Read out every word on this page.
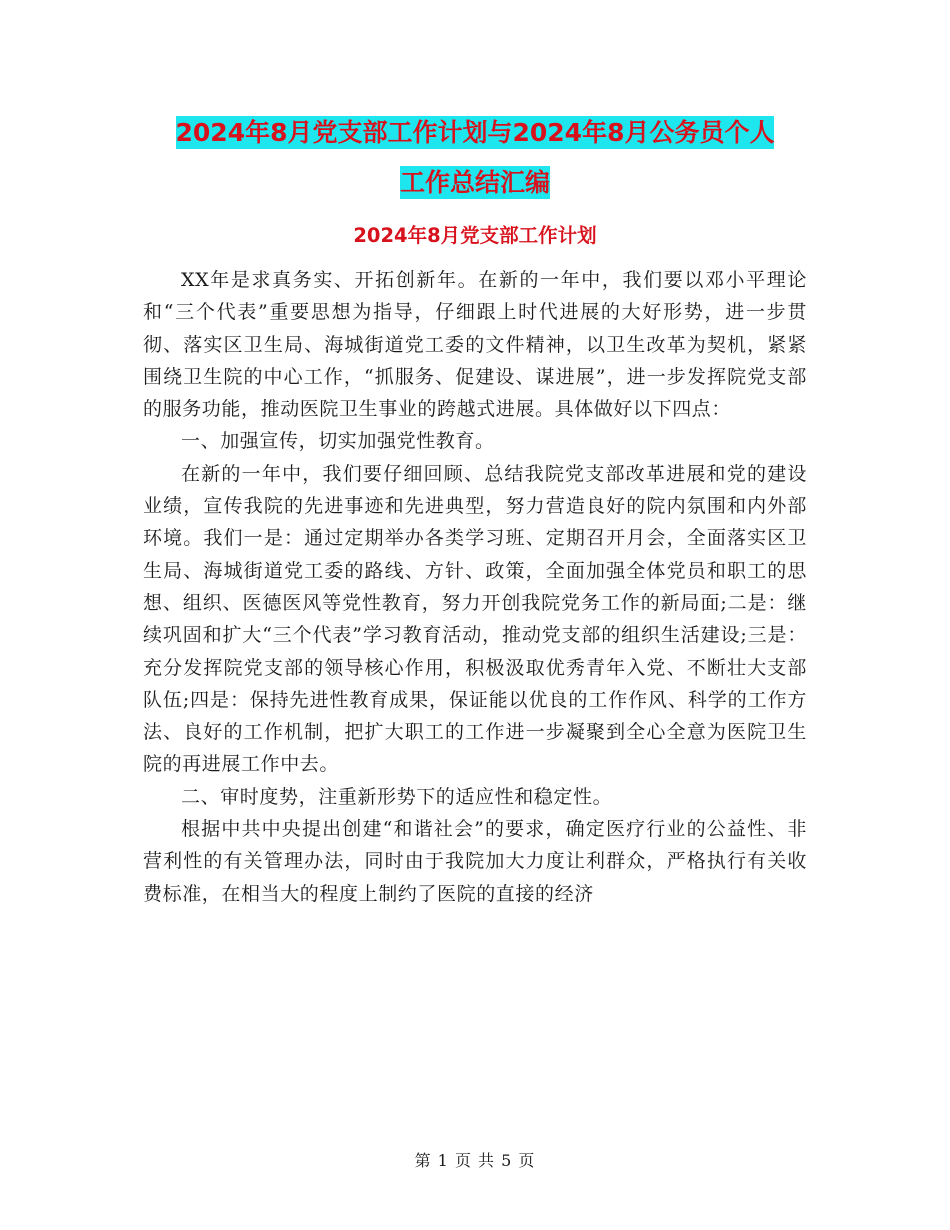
2024年8月党支部工作计划与2024年8月公务员个人
工作总结汇编
2024年8月党支部工作计划

XX年是求真务实、开拓创新年。在新的一年中，我们要以邓小平理论和“三个代表”重要思想为指导，仔细跟上时代进展的大好形势，进一步贯彻、落实区卫生局、海城街道党工委的文件精神，以卫生改革为契机，紧紧围绕卫生院的中心工作，“抓服务、促建设、谋进展”，进一步发挥院党支部的服务功能，推动医院卫生事业的跨越式进展。具体做好以下四点：

一、加强宣传，切实加强党性教育。

在新的一年中，我们要仔细回顾、总结我院党支部改革进展和党的建设业绩，宣传我院的先进事迹和先进典型，努力营造良好的院内氛围和内外部环境。我们一是：通过定期举办各类学习班、定期召开月会，全面落实区卫生局、海城街道党工委的路线、方针、政策，全面加强全体党员和职工的思想、组织、医德医风等党性教育，努力开创我院党务工作的新局面;二是：继续巩固和扩大“三个代表”学习教育活动，推动党支部的组织生活建设;三是：充分发挥院党支部的领导核心作用，积极汲取优秀青年入党、不断壮大支部队伍;四是：保持先进性教育成果，保证能以优良的工作作风、科学的工作方法、良好的工作机制，把扩大职工的工作进一步凝聚到全心全意为医院卫生院的再进展工作中去。

二、审时度势，注重新形势下的适应性和稳定性。

根据中共中央提出创建“和谐社会”的要求，确定医疗行业的公益性、非营利性的有关管理办法，同时由于我院加大力度让利群众，严格执行有关收费标准，在相当大的程度上制约了医院的直接的经济

第 1 页 共 5 页
